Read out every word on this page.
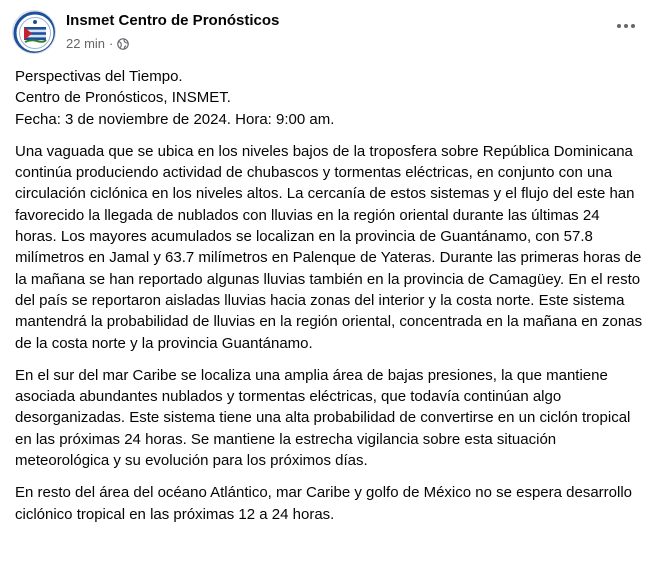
Insmet Centro de Pronósticos
22 min ·

Perspectivas del Tiempo.
Centro de Pronósticos, INSMET.
Fecha: 3 de noviembre de 2024. Hora: 9:00 am.

Una vaguada que se ubica en los niveles bajos de la troposfera sobre República Dominicana continúa produciendo actividad de chubascos y tormentas eléctricas, en conjunto con una circulación ciclónica en los niveles altos. La cercanía de estos sistemas y el flujo del este han favorecido la llegada de nublados con lluvias en la región oriental durante las últimas 24 horas. Los mayores acumulados se localizan en la provincia de Guantánamo, con 57.8 milímetros en Jamal y 63.7 milímetros en Palenque de Yateras. Durante las primeras horas de la mañana se han reportado algunas lluvias también en la provincia de Camagüey. En el resto del país se reportaron aisladas lluvias hacia zonas del interior y la costa norte. Este sistema mantendrá la probabilidad de lluvias en la región oriental, concentrada en la mañana en zonas de la costa norte y la provincia Guantánamo.

En el sur del mar Caribe se localiza una amplia área de bajas presiones, la que mantiene asociada abundantes nublados y tormentas eléctricas, que todavía continúan algo desorganizadas. Este sistema tiene una alta probabilidad de convertirse en un ciclón tropical en las próximas 24 horas. Se mantiene la estrecha vigilancia sobre esta situación meteorológica y su evolución para los próximos días.

En resto del área del océano Atlántico, mar Caribe y golfo de México no se espera desarrollo ciclónico tropical en las próximas 12 a 24 horas.
